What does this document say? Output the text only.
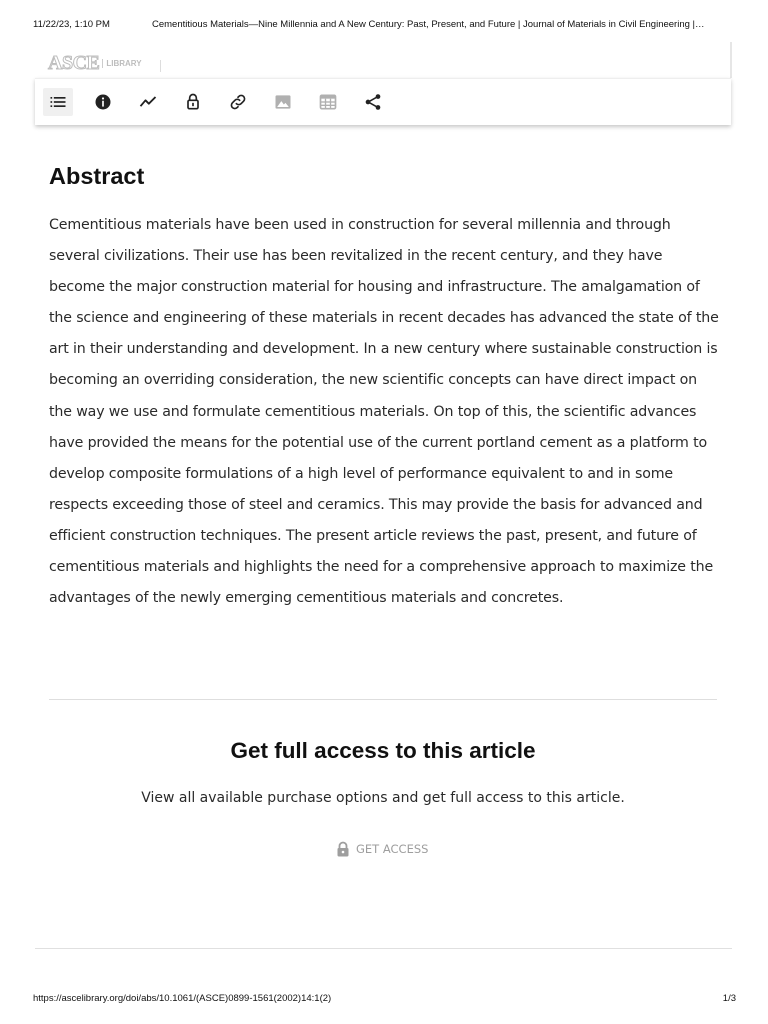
11/22/23, 1:10 PM	Cementitious Materials—Nine Millennia and A New Century: Past, Present, and Future | Journal of Materials in Civil Engineering |…
ASCE LIBRARY
Abstract

Cementitious materials have been used in construction for several millennia and through several civilizations. Their use has been revitalized in the recent century, and they have become the major construction material for housing and infrastructure. The amalgamation of the science and engineering of these materials in recent decades has advanced the state of the art in their understanding and development. In a new century where sustainable construction is becoming an overriding consideration, the new scientific concepts can have direct impact on the way we use and formulate cementitious materials. On top of this, the scientific advances have provided the means for the potential use of the current portland cement as a platform to develop composite formulations of a high level of performance equivalent to and in some respects exceeding those of steel and ceramics. This may provide the basis for advanced and efficient construction techniques. The present article reviews the past, present, and future of cementitious materials and highlights the need for a comprehensive approach to maximize the advantages of the newly emerging cementitious materials and concretes.

Get full access to this article

View all available purchase options and get full access to this article.

GET ACCESS
https://ascelibrary.org/doi/abs/10.1061/(ASCE)0899-1561(2002)14:1(2)	1/3
